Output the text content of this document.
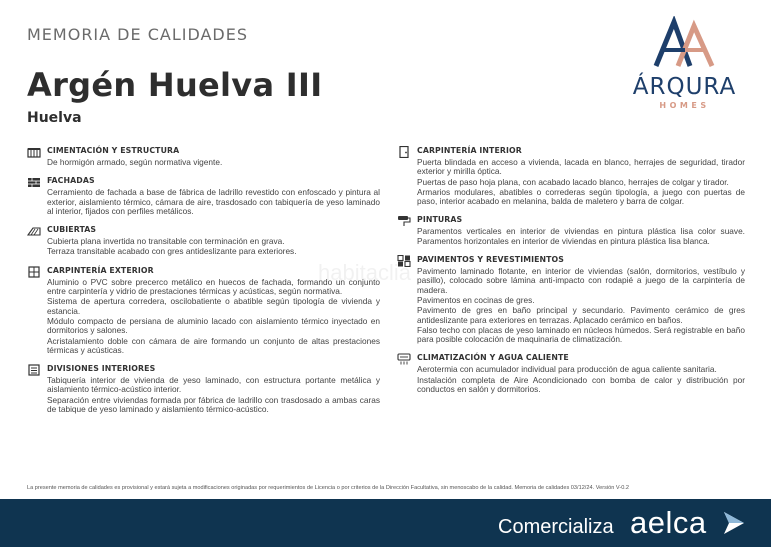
MEMORIA DE CALIDADES
Argén Huelva III
Huelva
ÁRQURA
HOMES
habitaclia
CIMENTACIÓN Y ESTRUCTURA

De hormigón armado, según normativa vigente.

FACHADAS

Cerramiento de fachada a base de fábrica de ladrillo revestido con enfoscado y pintura al exterior, aislamiento térmico, cámara de aire, trasdosado con tabiquería de yeso laminado al interior, fijados con perfiles metálicos.

CUBIERTAS

Cubierta plana invertida no transitable con terminación en grava.

Terraza transitable acabado con gres antideslizante para exteriores.

CARPINTERÍA EXTERIOR

Aluminio o PVC sobre precerco metálico en huecos de fachada, formando un conjunto entre carpintería y vidrio de prestaciones térmicas y acústicas, según normativa.

Sistema de apertura corredera, oscilobatiente o abatible según tipología de vivienda y estancia.

Módulo compacto de persiana de aluminio lacado con aislamiento térmico inyectado en dormitorios y salones.

Acristalamiento doble con cámara de aire formando un conjunto de altas prestaciones térmicas y acústicas.

DIVISIONES INTERIORES

Tabiquería interior de vivienda de yeso laminado, con estructura portante metálica y aislamiento térmico-acústico interior.

Separación entre viviendas formada por fábrica de ladrillo con trasdosado a ambas caras de tabique de yeso laminado y aislamiento térmico-acústico.

CARPINTERÍA INTERIOR

Puerta blindada en acceso a vivienda, lacada en blanco, herrajes de seguridad, tirador exterior y mirilla óptica.

Puertas de paso hoja plana, con acabado lacado blanco, herrajes de colgar y tirador.

Armarios modulares, abatibles o correderas según tipología, a juego con puertas de paso, interior acabado en melanina, balda de maletero y barra de colgar.

PINTURAS

Paramentos verticales en interior de viviendas en pintura plástica lisa color suave. Paramentos horizontales en interior de viviendas en pintura plástica lisa blanca.

PAVIMENTOS Y REVESTIMIENTOS

Pavimento laminado flotante, en interior de viviendas (salón, dormitorios, vestíbulo y pasillo), colocado sobre lámina anti-impacto con rodapié a juego de la carpintería de madera.

Pavimentos en cocinas de gres.

Pavimento de gres en baño principal y secundario. Pavimento cerámico de gres antideslizante para exteriores en terrazas. Aplacado cerámico en baños.

Falso techo con placas de yeso laminado en núcleos húmedos. Será registrable en baño para posible colocación de maquinaria de climatización.

CLIMATIZACIÓN Y AGUA CALIENTE

Aerotermia con acumulador individual para producción de agua caliente sanitaria.

Instalación completa de Aire Acondicionado con bomba de calor y distribución por conductos en salón y dormitorios.

La presente memoria de calidades es provisional y estará sujeta a modificaciones originadas por requerimientos de Licencia o por criterios de la Dirección Facultativa, sin menoscabo de la calidad. Memoria de calidades 03/12/24. Versión V-0.2
Comercializa aelca
